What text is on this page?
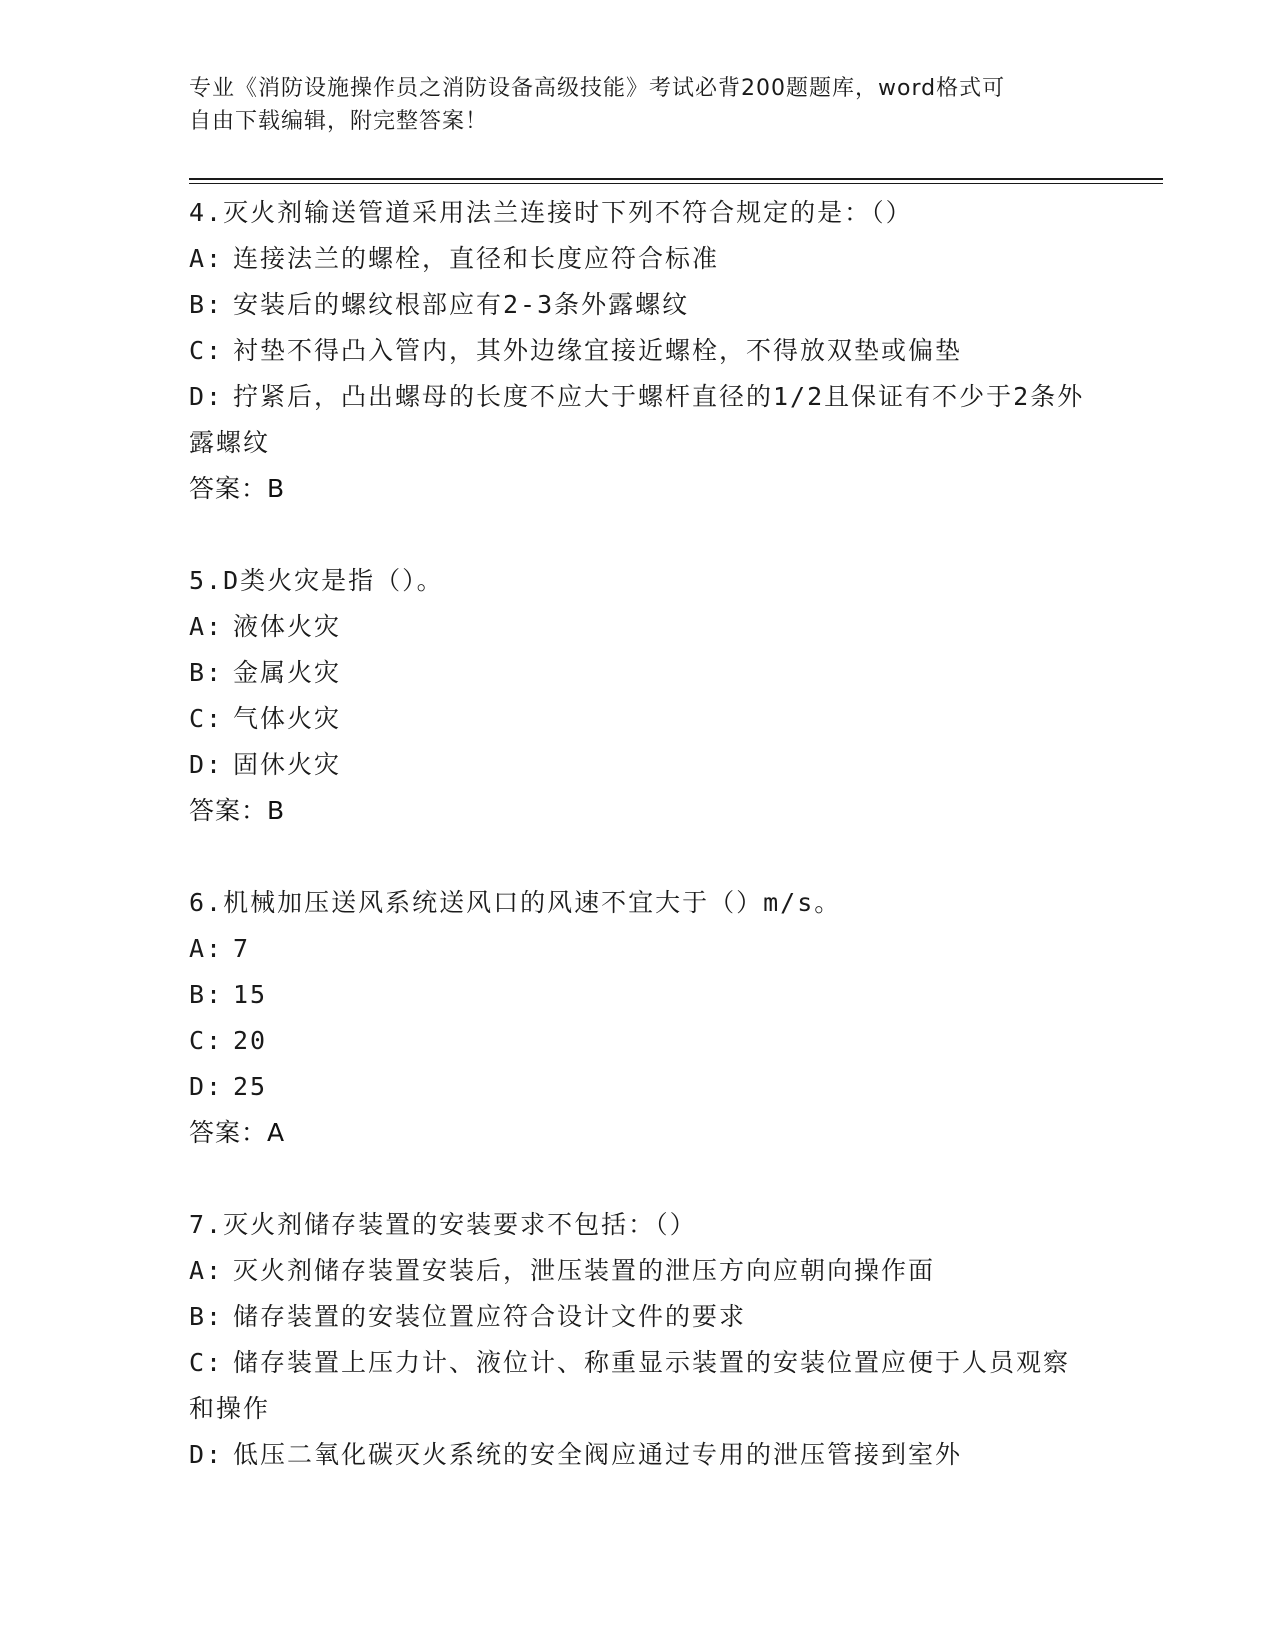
专业《消防设施操作员之消防设备高级技能》考试必背200题题库，word格式可
自由下载编辑，附完整答案！
4.灭火剂输送管道采用法兰连接时下列不符合规定的是：（）
A: 连接法兰的螺栓，直径和长度应符合标准
B: 安装后的螺纹根部应有2-3条外露螺纹
C: 衬垫不得凸入管内，其外边缘宜接近螺栓，不得放双垫或偏垫
D: 拧紧后，凸出螺母的长度不应大于螺杆直径的1/2且保证有不少于2条外露螺纹
答案：B
5.D类火灾是指（）。
A: 液体火灾
B: 金属火灾
C: 气体火灾
D: 固休火灾
答案：B
6.机械加压送风系统送风口的风速不宜大于（）m/s。
A: 7
B: 15
C: 20
D: 25
答案：A
7.灭火剂储存装置的安装要求不包括：（）
A: 灭火剂储存装置安装后，泄压装置的泄压方向应朝向操作面
B: 储存装置的安装位置应符合设计文件的要求
C: 储存装置上压力计、液位计、称重显示装置的安装位置应便于人员观察和操作
D: 低压二氧化碳灭火系统的安全阀应通过专用的泄压管接到室外
